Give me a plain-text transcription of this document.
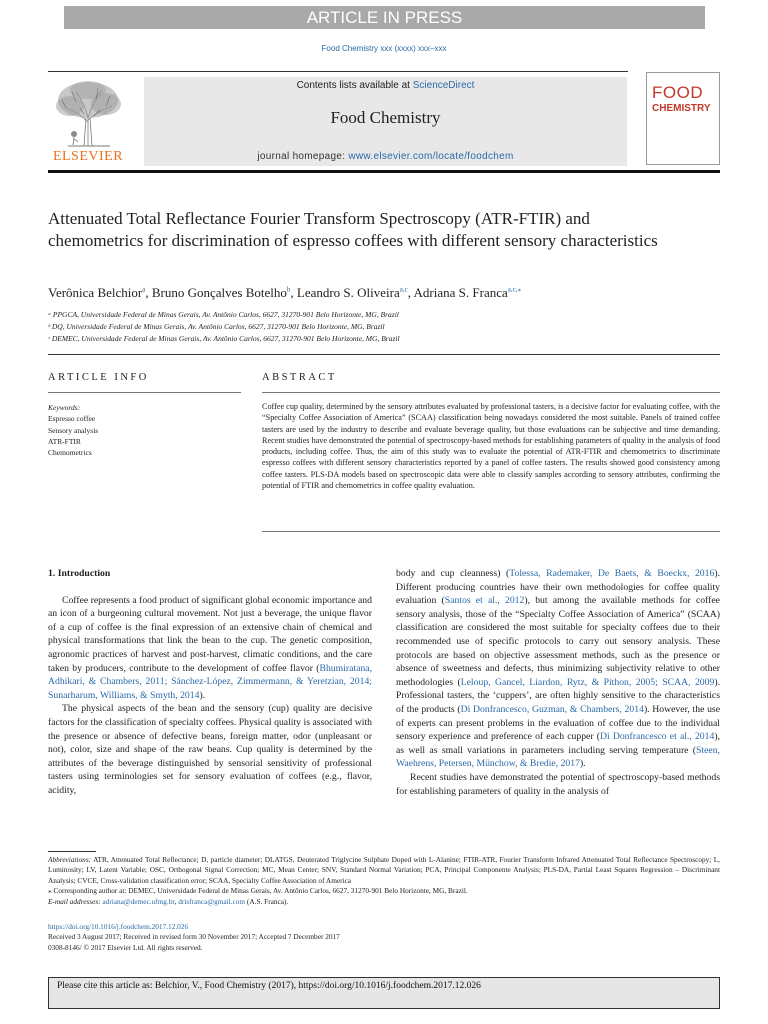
ARTICLE IN PRESS
Food Chemistry xxx (xxxx) xxx–xxx
Contents lists available at ScienceDirect
Food Chemistry
journal homepage: www.elsevier.com/locate/foodchem
ELSEVIER
FOOD
CHEMISTRY
Attenuated Total Reflectance Fourier Transform Spectroscopy (ATR-FTIR) and chemometrics for discrimination of espresso coffees with different sensory characteristics
Verônica Belchior$^a$, Bruno Gonçalves Botelho$^b$, Leandro S. Oliveira$^{a,c}$, Adriana S. Franca$^{a,c,⁎}$
ᵃ PPGCA, Universidade Federal de Minas Gerais, Av. Antônio Carlos, 6627, 31270-901 Belo Horizonte, MG, Brazil
ᵇ DQ, Universidade Federal de Minas Gerais, Av. Antônio Carlos, 6627, 31270-901 Belo Horizonte, MG, Brazil
ᶜ DEMEC, Universidade Federal de Minas Gerais, Av. Antônio Carlos, 6627, 31270-901 Belo Horizonte, MG, Brazil
ARTICLE INFO	ABSTRACT
Keywords:
Espresso coffee
Sensory analysis
ATR-FTIR
Chemometrics
Coffee cup quality, determined by the sensory attributes evaluated by professional tasters, is a decisive factor for evaluating coffee, with the “Specialty Coffee Association of America” (SCAA) classification being nowadays considered the most suitable. Panels of trained coffee tasters are used by the industry to describe and evaluate beverage quality, but those evaluations can be subjective and time demanding. Recent studies have demonstrated the potential of spectroscopy-based methods for establishing parameters of quality in the analysis of food products, including coffee. Thus, the aim of this study was to evaluate the potential of ATR-FTIR and chemometrics to discriminate espresso coffees with different sensory characteristics reported by a panel of coffee tasters. The results showed good consistency among coffee tasters. PLS-DA models based on spectroscopic data were able to classify samples according to sensory attributes, confirming the potential of FTIR and chemometrics in coffee quality evaluation.
1. Introduction

Coffee represents a food product of significant global economic importance and an icon of a burgeoning cultural movement. Not just a beverage, the unique flavor of a cup of coffee is the final expression of an extensive chain of chemical and physical transformations that link the bean to the cup. The genetic composition, agronomic practices of harvest and post-harvest, climatic conditions, and the care taken by producers, contribute to the development of coffee flavor (Bhumiratana, Adhikari, & Chambers, 2011; Sánchez-López, Zimmermann, & Yeretzian, 2014; Sunarharum, Williams, & Smyth, 2014).

The physical aspects of the bean and the sensory (cup) quality are decisive factors for the classification of specialty coffees. Physical quality is associated with the presence or absence of defective beans, foreign matter, odor (unpleasant or not), color, size and shape of the raw beans. Cup quality is determined by the attributes of the beverage distinguished by sensorial sensitivity of professional tasters using terminologies set for sensory evaluation of coffees (e.g., flavor, acidity,

body and cup cleanness) (Tolessa, Rademaker, De Baets, & Boeckx, 2016). Different producing countries have their own methodologies for coffee quality evaluation (Santos et al., 2012), but among the available methods for coffee sensory analysis, those of the “Specialty Coffee Association of America” (SCAA) classification are considered the most suitable for specialty coffees due to their recommended use of specific protocols to carry out sensory analysis. These protocols are based on objective assessment methods, such as the presence or absence of sweetness and defects, thus minimizing subjectivity relative to other methodologies (Leloup, Gancel, Liardon, Rytz, & Pithon, 2005; SCAA, 2009). Professional tasters, the ‘cuppers’, are often highly sensitive to the characteristics of the products (Di Donfrancesco, Guzman, & Chambers, 2014). However, the use of experts can present problems in the evaluation of coffee due to the individual sensory experience and preference of each cupper (Di Donfrancesco et al., 2014), as well as small variations in parameters including serving temperature (Steen, Waehrens, Petersen, Münchow, & Bredie, 2017).

Recent studies have demonstrated the potential of spectroscopy-based methods for establishing parameters of quality in the analysis of

Abbreviations: ATR, Attenuated Total Reflectance; D, particle diameter; DLATGS, Deuterated Triglycine Sulphate Doped with L-Alanine; FTIR-ATR, Fourier Transform Infrared Attenuated Total Reflectance Spectroscopy; L, Luminosity; LV, Latent Variable; OSC, Orthogonal Signal Correction; MC, Mean Center; SNV, Standard Normal Variation; PCA, Principal Componente Analysis; PLS-DA, Partial Least Squares Regression – Discriminant Analysis; CVCE, Cross-validation classification error; SCAA, Specialty Coffee Association of America
⁎ Corresponding author at: DEMEC, Universidade Federal de Minas Gerais, Av. Antônio Carlos, 6627, 31270-901 Belo Horizonte, MG, Brazil.
E-mail addresses: adriana@demec.ufmg.br, drisfranca@gmail.com (A.S. Franca).
https://doi.org/10.1016/j.foodchem.2017.12.026
Received 3 August 2017; Received in revised form 30 November 2017; Accepted 7 December 2017
0308-8146/ © 2017 Elsevier Ltd. All rights reserved.
Please cite this article as: Belchior, V., Food Chemistry (2017), https://doi.org/10.1016/j.foodchem.2017.12.026
